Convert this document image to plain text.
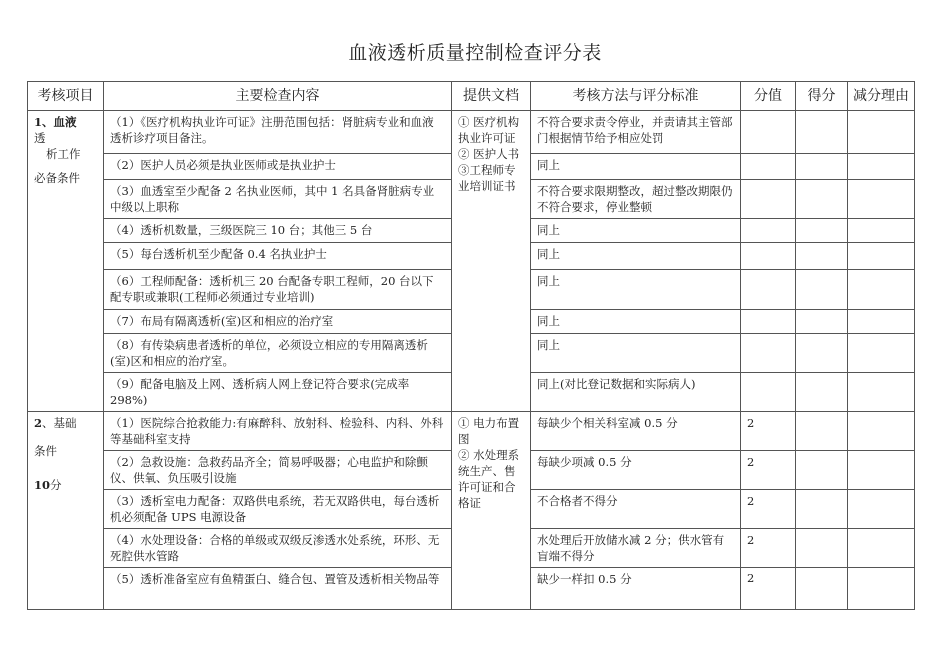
血液透析质量控制检查评分表
考核项目	主要检查内容	提供文档	考核方法与评分标准	分值	得分	减分理由

1、血液
透
析工作
必备条件	（1）《医疗机构执业许可证》注册范围包括：肾脏病专业和血液透析诊疗项目备注。	① 医疗机构执业许可证
② 医护人书
③工程师专业培训证书	不符合要求责令停业，并责请其主管部门根据情节给予相应处罚			
	（2）医护人员必须是执业医师或是执业护士		同上			
	（3）血透室至少配备 2 名执业医师，其中 1 名具备肾脏病专业中级以上职称		不符合要求限期整改，超过整改期限仍不符合要求，停业整顿			
	（4）透析机数量，三级医院三 10 台；其他三 5 台		同上			
	（5）每台透析机至少配备 0.4 名执业护士		同上			
	（6）工程师配备：透析机三 20 台配备专职工程师，20 台以下配专职或兼职(工程师必须通过专业培训)		同上			
	（7）布局有隔离透析(室)区和相应的治疗室		同上			
	（8）有传染病患者透析的单位，必须设立相应的专用隔离透析(室)区和相应的治疗室。		同上			
	（9）配备电脑及上网、透析病人网上登记符合要求(完成率 298%)		同上(对比登记数据和实际病人)			

2、基础
条件
10分	（1）医院综合抢救能力:有麻醉科、放射科、检验科、内科、外科等基础科室支持	① 电力布置图
② 水处理系统生产、售许可证和合格证	每缺少个相关科室减 0.5 分	2		
	（2）急救设施：急救药品齐全；简易呼吸器；心电监护和除颤仪、供氧、负压吸引设施		每缺少项减 0.5 分	2		
	（3）透析室电力配备：双路供电系统，若无双路供电，每台透析机必须配备 UPS 电源设备		不合格者不得分	2		
	（4）水处理设备：合格的单级或双级反渗透水处系统，环形、无死腔供水管路		水处理后开放储水减 2 分；供水管有盲端不得分	2		
	（5）透析准备室应有鱼精蛋白、缝合包、置管及透析相关物品等		缺少一样扣 0.5 分	2		
